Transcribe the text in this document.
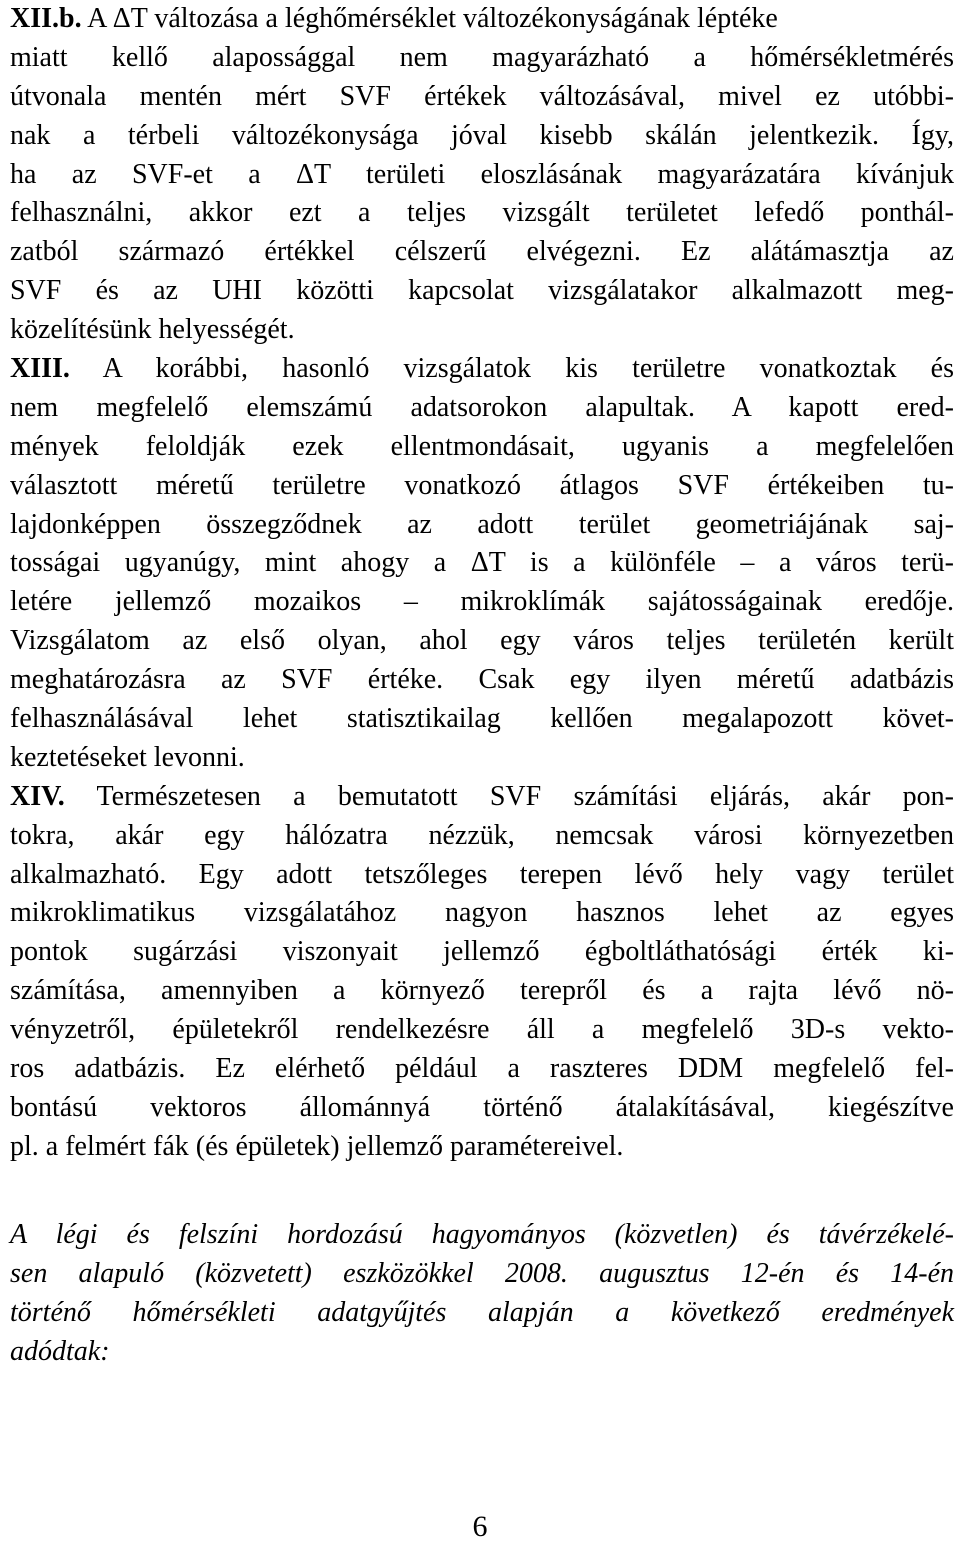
XII.b. A ΔT változása a léghőmérséklet változékonyságának léptéke
miatt kellő alapossággal nem magyarázható a hőmérsékletmérés
útvonala mentén mért SVF értékek változásával, mivel ez utóbbi-
nak a térbeli változékonysága jóval kisebb skálán jelentkezik. Így,
ha az SVF-et a ΔT területi eloszlásának magyarázatára kívánjuk
felhasználni, akkor ezt a teljes vizsgált területet lefedő ponthál-
zatból származó értékkel célszerű elvégezni. Ez alátámasztja az
SVF és az UHI közötti kapcsolat vizsgálatakor alkalmazott meg-
közelítésünk helyességét.
XIII. A korábbi, hasonló vizsgálatok kis területre vonatkoztak és
nem megfelelő elemszámú adatsorokon alapultak. A kapott ered-
mények feloldják ezek ellentmondásait, ugyanis a megfelelően
választott méretű területre vonatkozó átlagos SVF értékeiben tu-
lajdonképpen összegződnek az adott terület geometriájának saj-
tosságai ugyanúgy, mint ahogy a ΔT is a különféle – a város terü-
letére jellemző mozaikos – mikroklímák sajátosságainak eredője.
Vizsgálatom az első olyan, ahol egy város teljes területén került
meghatározásra az SVF értéke. Csak egy ilyen méretű adatbázis
felhasználásával lehet statisztikailag kellően megalapozott követ-
keztetéseket levonni.
XIV. Természetesen a bemutatott SVF számítási eljárás, akár pon-
tokra, akár egy hálózatra nézzük, nemcsak városi környezetben
alkalmazható. Egy adott tetszőleges terepen lévő hely vagy terület
mikroklimatikus vizsgálatához nagyon hasznos lehet az egyes
pontok sugárzási viszonyait jellemző égboltláthatósági érték ki-
számítása, amennyiben a környező terepről és a rajta lévő nö-
vényzetről, épületekről rendelkezésre áll a megfelelő 3D-s vekto-
ros adatbázis. Ez elérhető például a raszteres DDM megfelelő fel-
bontású vektoros állománnyá történő átalakításával, kiegészítve
pl. a felmért fák (és épületek) jellemző paramétereivel.
A légi és felszíni hordozású hagyományos (közvetlen) és távérzékelé-
sen alapuló (közvetett) eszközökkel 2008. augusztus 12-én és 14-én
történő hőmérsékleti adatgyűjtés alapján a következő eredmények
adódtak:
6
